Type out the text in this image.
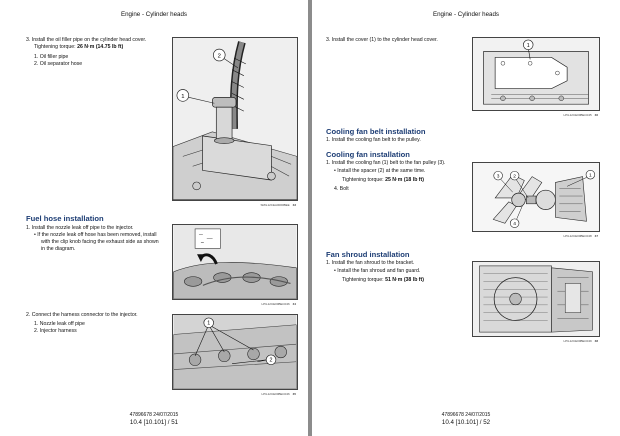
Engine - Cylinder heads
3. Install the oil filler pipe on the cylinder head cover.
Tightening torque: 26 N·m (14.75 lb ft)
1. Oil filler pipe
2. Oil separator hose
1
2
SMIL12CEA0000BEE 33
Fuel hose installation
1. Install the nozzle leak off pipe to the injector.
• If the nozzle leak off hose has been removed, install
with the clip knob facing the exhaust side as shown
in the diagram.
LPIL12CE00BEC046 34
2. Connect the harness connector to the injector.
1. Nozzle leak off pipe
2. Injector harness
1
2
LPIL12CE00BEC046 35
47896678 24/07/2015
10.4 [10.101] / 51
Engine - Cylinder heads
3. Install the cover (1) to the cylinder head cover.
1
LPIL12CE00BEC045 36
Cooling fan belt installation
1. Install the cooling fan belt to the pulley.
Cooling fan installation
1. Install the cooling fan (1) belt to the fan pulley (3).
• Install the spacer (2) at the same time.
Tightening torque: 25 N·m (18 lb ft)
4. Bolt
3	2
4
1
LPIL12CE00BEC048 37
Fan shroud installation
1. Install the fan shroud to the bracket.
• Install the fan shroud and fan guard.
Tightening torque: 51 N·m (38 lb ft)
LPIL12CE00BEC049 38
47896678 24/07/2015
10.4 [10.101] / 52
